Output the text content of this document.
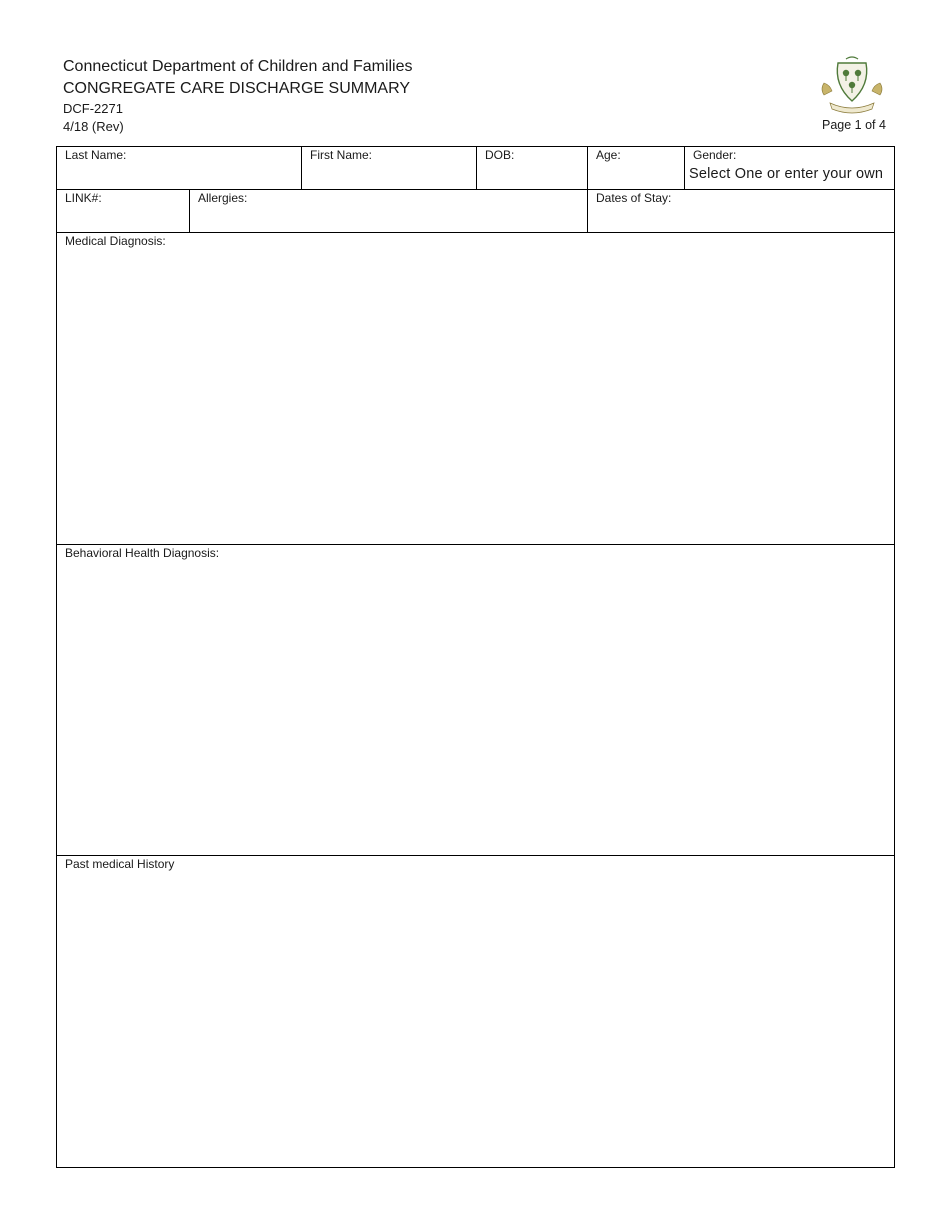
Connecticut Department of Children and Families
CONGREGATE CARE DISCHARGE SUMMARY
DCF-2271
4/18 (Rev)	Page 1 of 4
Last Name:	First Name:	DOB:	Age:	Gender:
Select One or enter your own
LINK#:	Allergies:	Dates of Stay:
Medical Diagnosis:
Behavioral Health Diagnosis:
Past medical History
